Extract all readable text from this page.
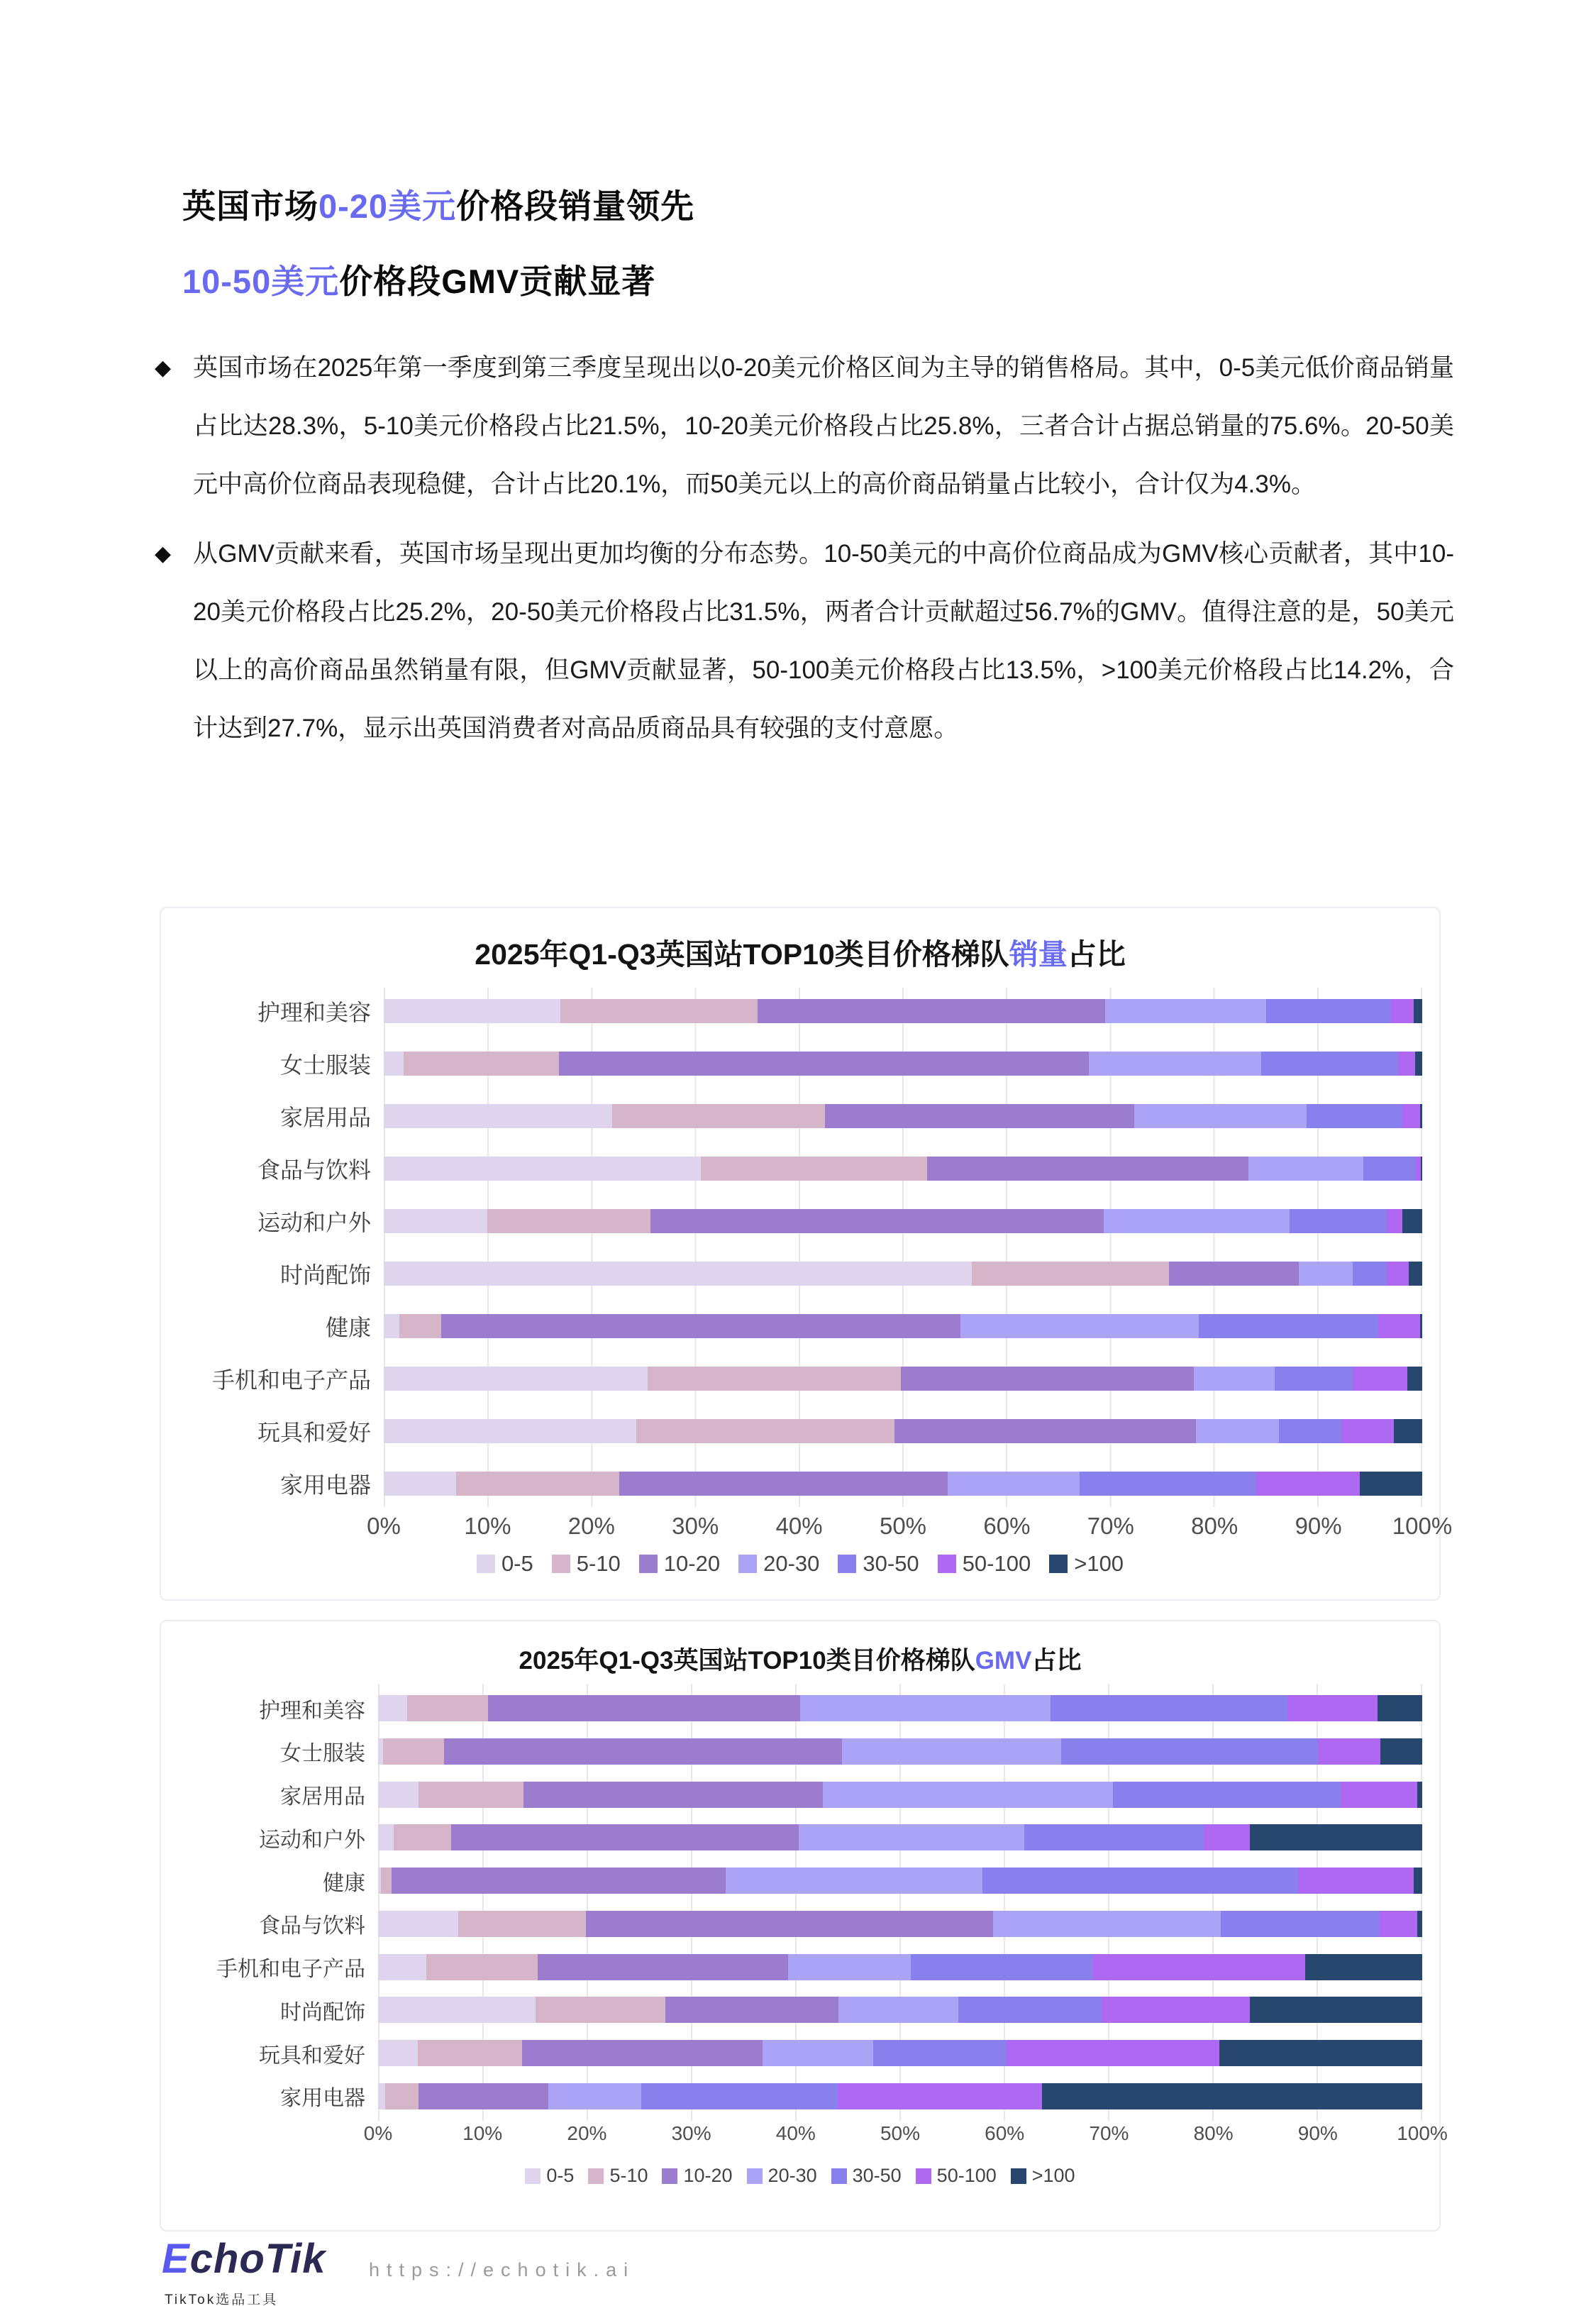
英国市场0-20美元价格段销量领先
10-50美元价格段GMV贡献显著
◆ 英国市场在2025年第一季度到第三季度呈现出以0-20美元价格区间为主导的销售格局。其中，0-5美元低价商品销量占比达28.3%，5-10美元价格段占比21.5%，10-20美元价格段占比25.8%，三者合计占据总销量的75.6%。20-50美元中高价位商品表现稳健，合计占比20.1%，而50美元以上的高价商品销量占比较小，合计仅为4.3%。
◆ 从GMV贡献来看，英国市场呈现出更加均衡的分布态势。10-50美元的中高价位商品成为GMV核心贡献者，其中10-20美元价格段占比25.2%，20-50美元价格段占比31.5%，两者合计贡献超过56.7%的GMV。值得注意的是，50美元以上的高价商品虽然销量有限，但GMV贡献显著，50-100美元价格段占比13.5%，>100美元价格段占比14.2%，合计达到27.7%，显示出英国消费者对高品质商品具有较强的支付意愿。
2025年Q1-Q3英国站TOP10类目价格梯队销量占比
护理和美容
女士服装
家居用品
食品与饮料
运动和户外
时尚配饰
健康
手机和电子产品
玩具和爱好
家用电器
0%	10% 20% 30% 40% 50% 60% 70% 80% 90% 100%
0-5 5-10 10-20 20-30 30-50 50-100 >100
2025年Q1-Q3英国站TOP10类目价格梯队GMV占比
护理和美容
女士服装
家居用品
运动和户外
健康
食品与饮料
手机和电子产品
时尚配饰
玩具和爱好
家用电器
0%	10%	20%	30%	40%	50%	60%	70%	80%	90%	100%
0-5 5-10 10-20 20-30 30-50 50-100 >100
EchoTik
TikTok选品工具
https://echotik.ai
